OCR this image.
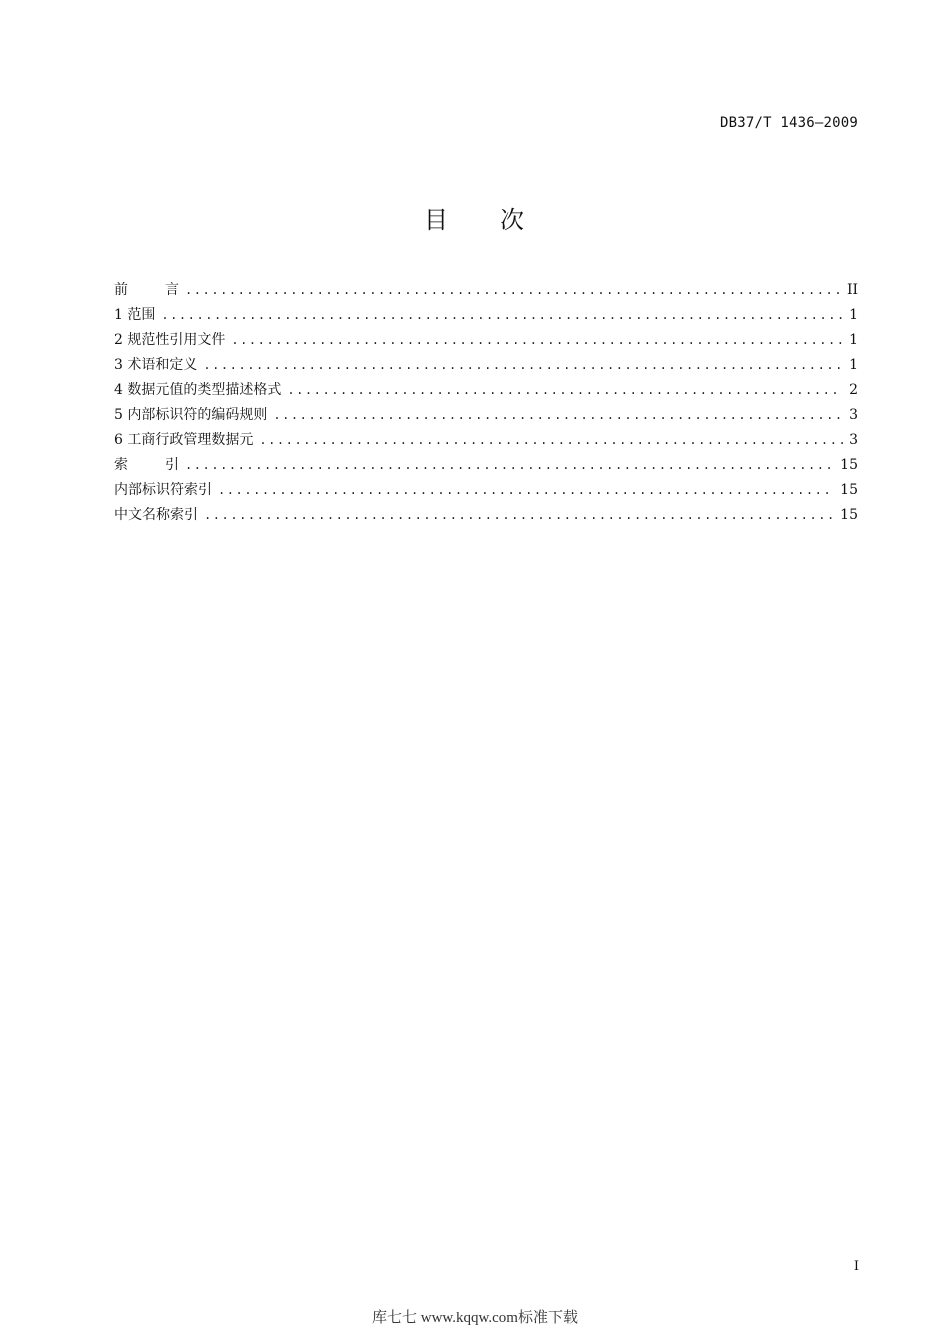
DB37/T 1436—2009
目 次
前	言 .....	II
1 范围 .....	1
2 规范性引用文件 .....	1
3 术语和定义 .....	1
4 数据元值的类型描述格式 .....	2
5 内部标识符的编码规则 .....	3
6 工商行政管理数据元 .....	3
索	引 .....	15
内部标识符索引 .....	15
中文名称索引 .....	15
I
库七七 www.kqqw.com标准下载
